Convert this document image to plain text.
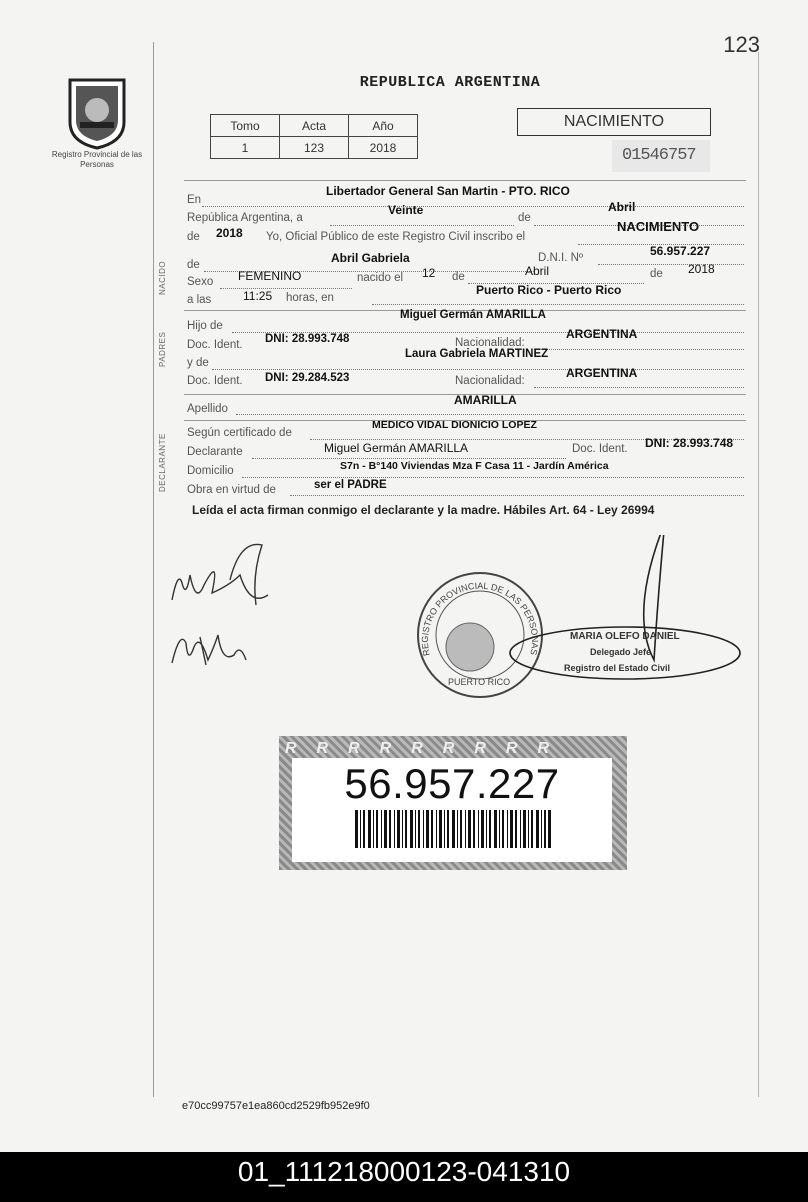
123
Registro Provincial de las Personas
REPUBLICA ARGENTINA
Tomo	Acta	Año
1	123	2018
NACIMIENTO
01546757
En
Libertador General San Martin - PTO. RICO
República Argentina, a
Veinte
de
Abril
de 2018 Yo, Oficial Público de este Registro Civil inscribo el
NACIMIENTO
NACIDO	de	Abril Gabriela	D.N.I. Nº	56.957.227
Sexo FEMENINO	nacido el 12 de	Abril	de 2018
a las	11:25 horas, en
Puerto Rico - Puerto Rico
PADRES
Hijo de
Miguel Germán AMARILLA
Doc. Ident. DNI: 28.993.748	Nacionalidad:
ARGENTINA
y de
Laura Gabriela MARTINEZ
Doc. Ident. DNI: 29.284.523	Nacionalidad:
ARGENTINA
Apellido
AMARILLA
DECLARANTE
Según certificado de
MEDICO VIDAL DIONICIO LOPEZ
Declarante	Miguel Germán AMARILLA	Doc. Ident. DNI: 28.993.748
Domicilio	S7n - B°140 Viviendas Mza F Casa 11 - Jardín América
Obra en virtud de	ser el PADRE
Leída el acta firman conmigo el declarante y la madre. Hábiles Art. 64 - Ley 26994
REGISTRO PROVINCIAL DE LAS PERSONAS
PUERTO RICO
MARIA OLEFO DANIEL
Delegado Jefe
Registro del Estado Civil
RRRRRRRRR
56.957.227
e70cc99757e1ea860cd2529fb952e9f0
01_111218000123-041310
